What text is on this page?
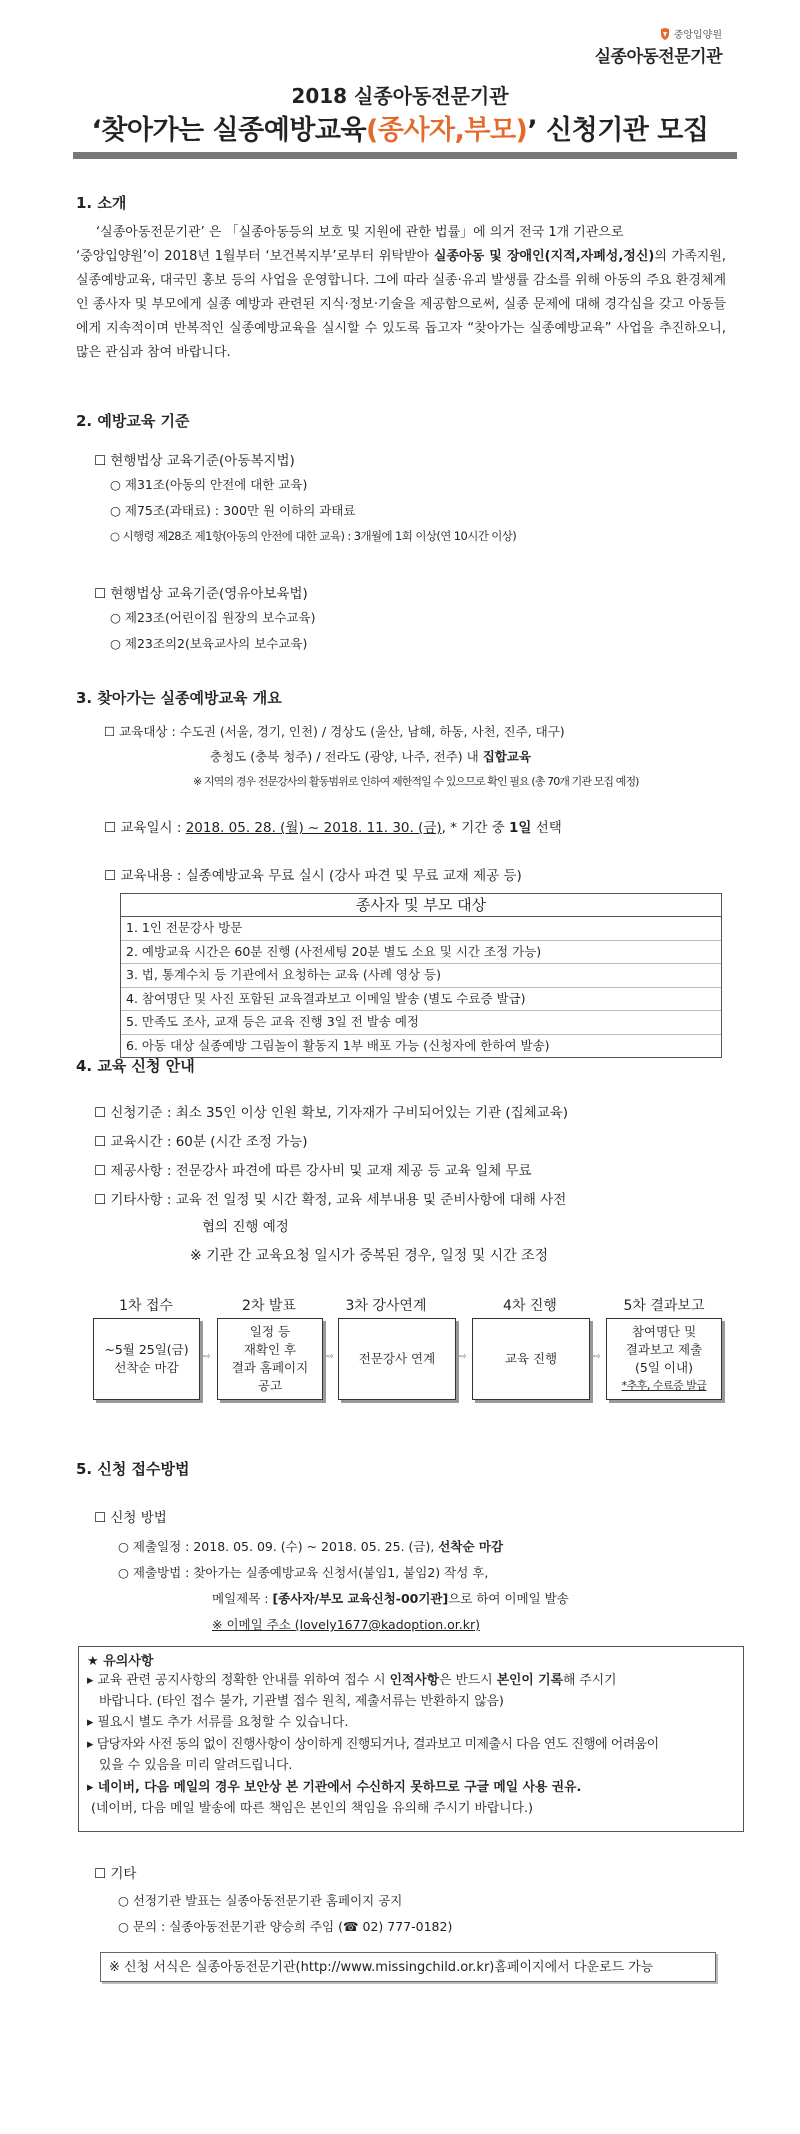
중앙입양원
실종아동전문기관
2018 실종아동전문기관
‘찾아가는 실종예방교육(종사자,부모)’ 신청기관 모집
1. 소개

‘실종아동전문기관’ 은 「실종아동등의 보호 및 지원에 관한 법률」에 의거 전국 1개 기관으로

‘중앙입양원’이 2018년 1월부터 ‘보건복지부’로부터 위탁받아 실종아동 및 장애인(지적,자폐성,정신)의 가족지원, 실종예방교육, 대국민 홍보 등의 사업을 운영합니다. 그에 따라 실종·유괴 발생률 감소를 위해 아동의 주요 환경체계인 종사자 및 부모에게 실종 예방과 관련된 지식·정보·기술을 제공함으로써, 실종 문제에 대해 경각심을 갖고 아동들에게 지속적이며 반복적인 실종예방교육을 실시할 수 있도록 돕고자 “찾아가는 실종예방교육” 사업을 추진하오니, 많은 관심과 참여 바랍니다.

2. 예방교육 기준
☐ 현행법상 교육기준(아동복지법)
○ 제31조(아동의 안전에 대한 교육)
○ 제75조(과태료) : 300만 원 이하의 과태료
○ 시행령 제28조 제1항(아동의 안전에 대한 교육) : 3개월에 1회 이상(연 10시간 이상)
☐ 현행법상 교육기준(영유아보육법)
○ 제23조(어린이집 원장의 보수교육)
○ 제23조의2(보육교사의 보수교육)
3. 찾아가는 실종예방교육 개요
☐ 교육대상 : 수도권 (서울, 경기, 인천) / 경상도 (울산, 남해, 하동, 사천, 진주, 대구)
충청도 (충북 청주) / 전라도 (광양, 나주, 전주) 내 집합교육
※ 지역의 경우 전문강사의 활동범위로 인하여 제한적일 수 있으므로 확인 필요 (총 70개 기관 모집 예정)
☐ 교육일시 : 2018. 05. 28. (월) ~ 2018. 11. 30. (금), * 기간 중 1일 선택
☐ 교육내용 : 실종예방교육 무료 실시 (강사 파견 및 무료 교재 제공 등)
종사자 및 부모 대상
1. 1인 전문강사 방문
2. 예방교육 시간은 60분 진행 (사전세팅 20분 별도 소요 및 시간 조정 가능)
3. 법, 통계수치 등 기관에서 요청하는 교육 (사례 영상 등)
4. 참여명단 및 사진 포함된 교육결과보고 이메일 발송 (별도 수료증 발급)
5. 만족도 조사, 교재 등은 교육 진행 3일 전 발송 예정
6. 아동 대상 실종예방 그림놀이 활동지 1부 배포 가능 (신청자에 한하여 발송)
4. 교육 신청 안내
☐ 신청기준 : 최소 35인 이상 인원 확보, 기자재가 구비되어있는 기관 (집체교육)
☐ 교육시간 : 60분 (시간 조정 가능)
☐ 제공사항 : 전문강사 파견에 따른 강사비 및 교재 제공 등 교육 일체 무료
☐ 기타사항 : 교육 전 일정 및 시간 확정, 교육 세부내용 및 준비사항에 대해 사전
협의 진행 예정
※ 기관 간 교육요청 일시가 중복된 경우, 일정 및 시간 조정
1차 접수	2차 발표	3차 강사연계	4차 진행	5차 결과보고
~5월 25일(금)
선착순 마감
일정 등
재확인 후
결과 홈페이지
공고
전문강사 연계	교육 진행
참여명단 및
결과보고 제출
(5일 이내)
*추후, 수료증 발급
⇨	⇨	⇨	⇨
5. 신청 접수방법
☐ 신청 방법
○ 제출일정 : 2018. 05. 09. (수) ~ 2018. 05. 25. (금), 선착순 마감
○ 제출방법 : 찾아가는 실종예방교육 신청서(붙임1, 붙임2) 작성 후,
메일제목 : [종사자/부모 교육신청-00기관]으로 하여 이메일 발송
※ 이메일 주소 (lovely1677@kadoption.or.kr)
★ 유의사항
▸ 교육 관련 공지사항의 정확한 안내를 위하여 접수 시 인적사항은 반드시 본인이 기록해 주시기
바랍니다. (타인 접수 불가, 기관별 접수 원칙, 제출서류는 반환하지 않음)
▸ 필요시 별도 추가 서류를 요청할 수 있습니다.
▸ 담당자와 사전 동의 없이 진행사항이 상이하게 진행되거나, 결과보고 미제출시 다음 연도 진행에 어려움이
있을 수 있음을 미리 알려드립니다.
▸ 네이버, 다음 메일의 경우 보안상 본 기관에서 수신하지 못하므로 구글 메일 사용 권유.
(네이버, 다음 메일 발송에 따른 책임은 본인의 책임을 유의해 주시기 바랍니다.)
☐ 기타
○ 선정기관 발표는 실종아동전문기관 홈페이지 공지
○ 문의 : 실종아동전문기관 양승희 주임 (☎ 02) 777-0182)
※ 신청 서식은 실종아동전문기관(http://www.missingchild.or.kr)홈페이지에서 다운로드 가능
